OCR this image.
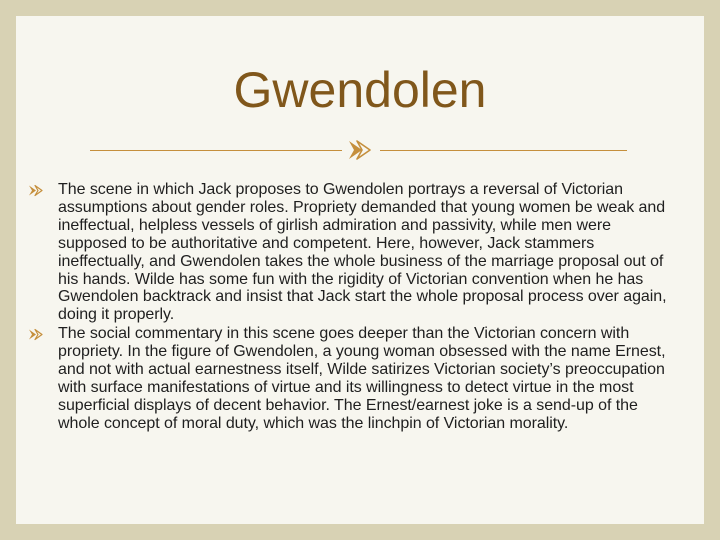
Gwendolen
The scene in which Jack proposes to Gwendolen portrays a reversal of Victorian assumptions about gender roles. Propriety demanded that young women be weak and ineffectual, helpless vessels of girlish admiration and passivity, while men were supposed to be authoritative and competent. Here, however, Jack stammers ineffectually, and Gwendolen takes the whole business of the marriage proposal out of his hands. Wilde has some fun with the rigidity of Victorian convention when he has Gwendolen backtrack and insist that Jack start the whole proposal process over again, doing it properly.
The social commentary in this scene goes deeper than the Victorian concern with propriety. In the figure of Gwendolen, a young woman obsessed with the name Ernest, and not with actual earnestness itself, Wilde satirizes Victorian society’s preoccupation with surface manifestations of virtue and its willingness to detect virtue in the most superficial displays of decent behavior. The Ernest/earnest joke is a send-up of the whole concept of moral duty, which was the linchpin of Victorian morality.
